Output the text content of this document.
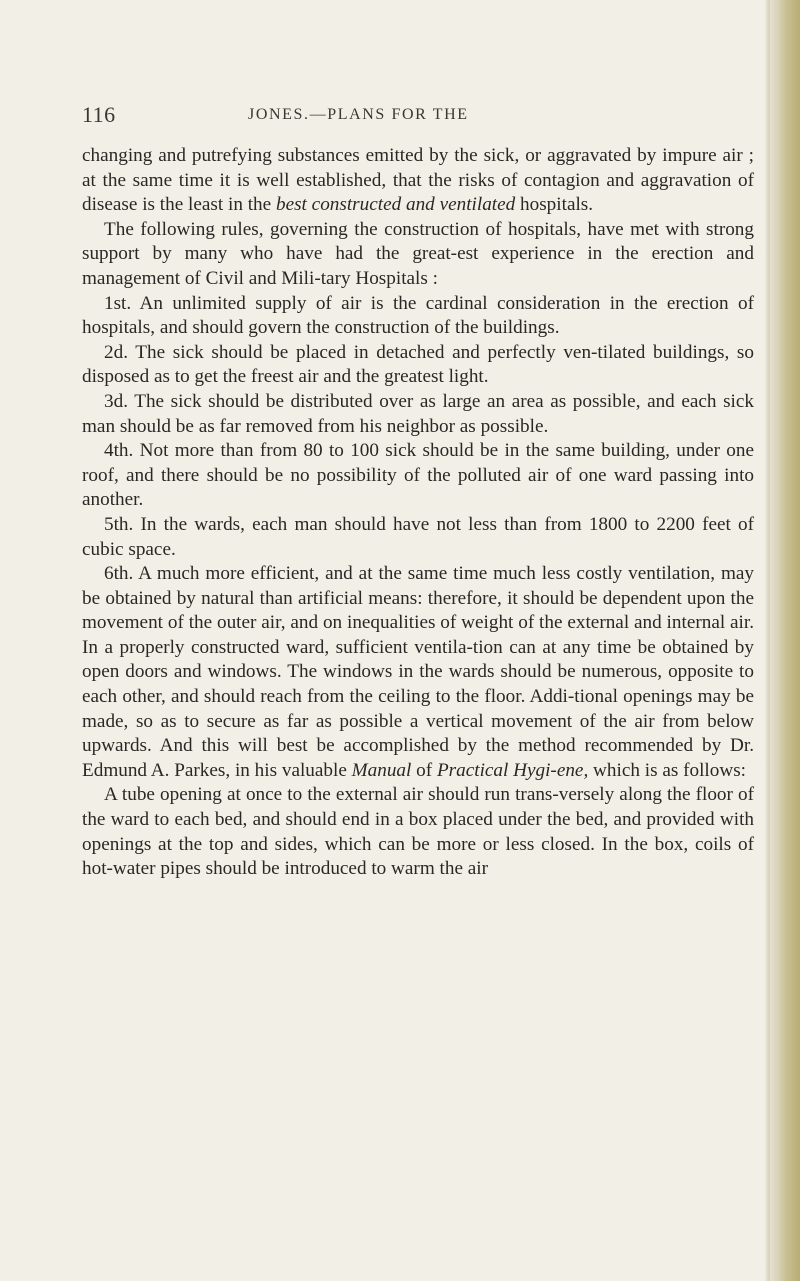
116	JONES.—PLANS FOR THE

changing and putrefying substances emitted by the sick, or aggravated by impure air ; at the same time it is well established, that the risks of contagion and aggravation of disease is the least in the best constructed and ventilated hospitals.

The following rules, governing the construction of hospitals, have met with strong support by many who have had the great-est experience in the erection and management of Civil and Mili-tary Hospitals :

1st. An unlimited supply of air is the cardinal consideration in the erection of hospitals, and should govern the construction of the buildings.

2d. The sick should be placed in detached and perfectly ven-tilated buildings, so disposed as to get the freest air and the greatest light.

3d. The sick should be distributed over as large an area as possible, and each sick man should be as far removed from his neighbor as possible.

4th. Not more than from 80 to 100 sick should be in the same building, under one roof, and there should be no possibility of the polluted air of one ward passing into another.

5th. In the wards, each man should have not less than from 1800 to 2200 feet of cubic space.

6th. A much more efficient, and at the same time much less costly ventilation, may be obtained by natural than artificial means: therefore, it should be dependent upon the movement of the outer air, and on inequalities of weight of the external and internal air. In a properly constructed ward, sufficient ventila-tion can at any time be obtained by open doors and windows. The windows in the wards should be numerous, opposite to each other, and should reach from the ceiling to the floor. Addi-tional openings may be made, so as to secure as far as possible a vertical movement of the air from below upwards. And this will best be accomplished by the method recommended by Dr. Edmund A. Parkes, in his valuable Manual of Practical Hygi-ene, which is as follows:

A tube opening at once to the external air should run trans-versely along the floor of the ward to each bed, and should end in a box placed under the bed, and provided with openings at the top and sides, which can be more or less closed. In the box, coils of hot-water pipes should be introduced to warm the air
